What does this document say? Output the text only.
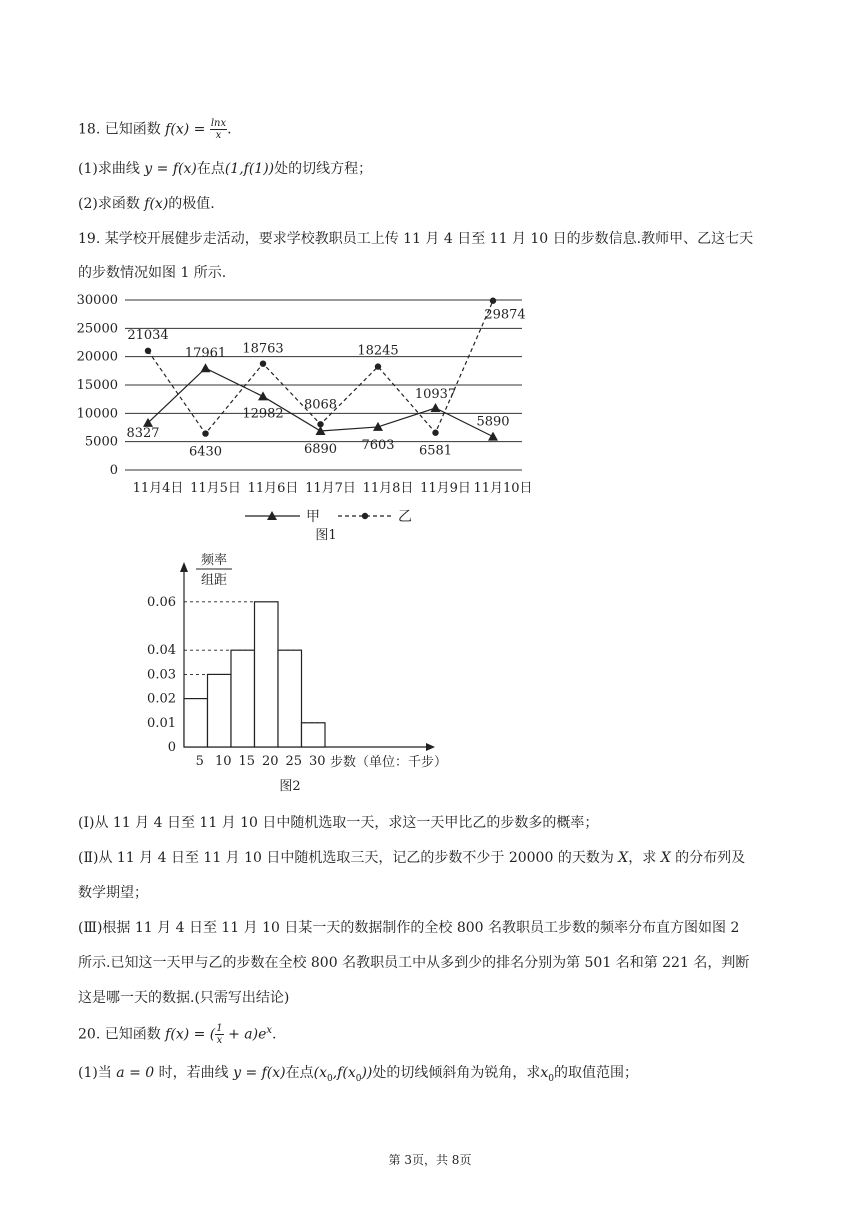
18. 已知函数 $f(x) = \frac{\ln x}{x}$ .
(1)求曲线 y = f(x)在点(1,f(1))处的切线方程；
(2)求函数 f(x)的极值.
19. 某学校开展健步走活动，要求学校教职员工上传 11 月 4 日至 11 月 10 日的步数信息.教师甲、乙这七天
的步数情况如图 1 所示.
0
5000
10000
15000
20000
25000
30000
11月4日 11月5日 11月6日 11月7日 11月8日 11月9日 11月10日
8327
17961
12982
6890 7603
10937
5890
21034
6430
18763
8068
18245
6581
29874
甲	乙
图1
频率
组距
0
0.01
0.02
0.03
0.04
0.06
5 10 15 20 25 30 步数（单位：千步）
图2
(Ⅰ)从 11 月 4 日至 11 月 10 日中随机选取一天，求这一天甲比乙的步数多的概率；
(Ⅱ)从 11 月 4 日至 11 月 10 日中随机选取三天，记乙的步数不少于 20000 的天数为 X，求 X 的分布列及
数学期望；
(Ⅲ)根据 11 月 4 日至 11 月 10 日某一天的数据制作的全校 800 名教职员工步数的频率分布直方图如图 2
所示.已知这一天甲与乙的步数在全校 800 名教职员工中从多到少的排名分别为第 501 名和第 221 名，判断
这是哪一天的数据.(只需写出结论)
20. 已知函数 f(x) = ( $\frac{1}{x} + a)e^x$.
(1)当 a = 0 时，若曲线 y = f(x)在点$(x_0,f(x_0))$处的切线倾斜角为锐角，求$x_0$的取值范围；
第 3页，共 8页
